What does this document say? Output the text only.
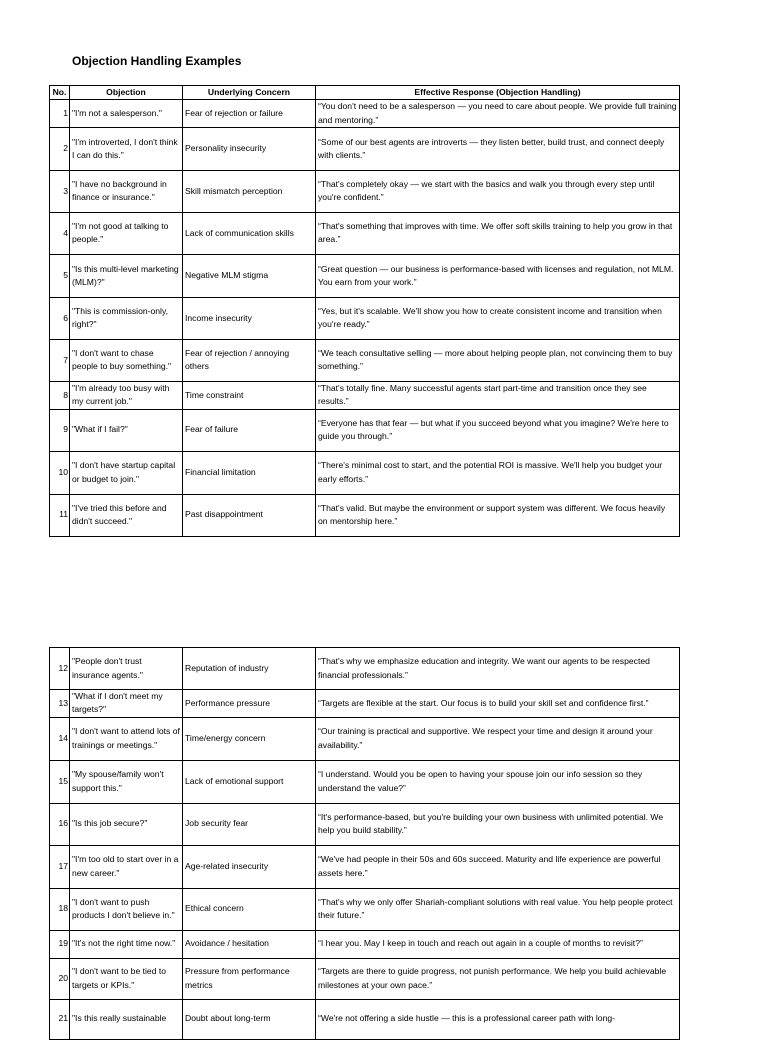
Objection Handling Examples
No.	Objection	Underlying Concern	Effective Response (Objection Handling)
1	"I'm not a salesperson."	Fear of rejection or failure	“You don't need to be a salesperson — you need to care about people. We provide full training and mentoring.”
2	"I'm introverted, I don't think I can do this."	Personality insecurity	“Some of our best agents are introverts — they listen better, build trust, and connect deeply with clients.”
3	"I have no background in finance or insurance."	Skill mismatch perception	“That's completely okay — we start with the basics and walk you through every step until you're confident.”
4	"I'm not good at talking to people."	Lack of communication skills	“That's something that improves with time. We offer soft skills training to help you grow in that area.”
5	"Is this multi-level marketing (MLM)?"	Negative MLM stigma	“Great question — our business is performance-based with licenses and regulation, not MLM. You earn from your work.”
6	"This is commission-only, right?"	Income insecurity	“Yes, but it's scalable. We'll show you how to create consistent income and transition when you're ready.”
7	"I don't want to chase people to buy something."	Fear of rejection / annoying others	“We teach consultative selling — more about helping people plan, not convincing them to buy something.”
8	"I'm already too busy with my current job."	Time constraint	“That's totally fine. Many successful agents start part-time and transition once they see results.”
9	"What if I fail?"	Fear of failure	“Everyone has that fear — but what if you succeed beyond what you imagine? We're here to guide you through.”
10	"I don't have startup capital or budget to join."	Financial limitation	“There's minimal cost to start, and the potential ROI is massive. We'll help you budget your early efforts.”
11	"I've tried this before and didn't succeed."	Past disappointment	“That's valid. But maybe the environment or support system was different. We focus heavily on mentorship here.”
12	"People don't trust insurance agents."	Reputation of industry	“That's why we emphasize education and integrity. We want our agents to be respected financial professionals.”
13	"What if I don't meet my targets?"	Performance pressure	“Targets are flexible at the start. Our focus is to build your skill set and confidence first.”
14	"I don't want to attend lots of trainings or meetings."	Time/energy concern	“Our training is practical and supportive. We respect your time and design it around your availability.”
15	"My spouse/family won't support this."	Lack of emotional support	“I understand. Would you be open to having your spouse join our info session so they understand the value?”
16	"Is this job secure?"	Job security fear	“It's performance-based, but you're building your own business with unlimited potential. We help you build stability.”
17	"I'm too old to start over in a new career."	Age-related insecurity	“We've had people in their 50s and 60s succeed. Maturity and life experience are powerful assets here.”
18	"I don't want to push products I don't believe in."	Ethical concern	“That's why we only offer Shariah-compliant solutions with real value. You help people protect their future.”
19	"It's not the right time now."	Avoidance / hesitation	“I hear you. May I keep in touch and reach out again in a couple of months to revisit?”
20	"I don't want to be tied to targets or KPIs."	Pressure from performance metrics	“Targets are there to guide progress, not punish performance. We help you build achievable milestones at your own pace.”
21	"Is this really sustainable	Doubt about long-term	“We're not offering a side hustle — this is a professional career path with long-
